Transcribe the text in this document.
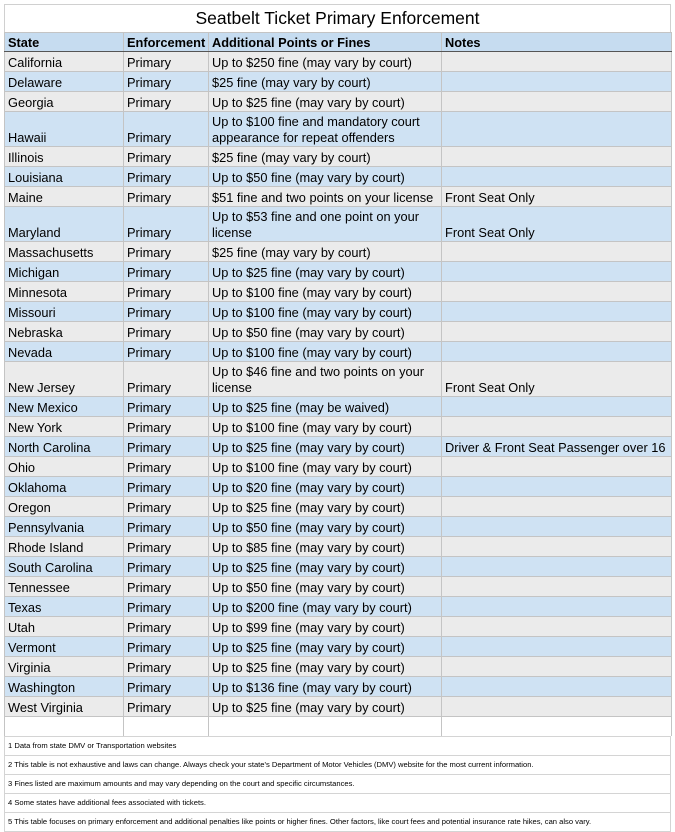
Seatbelt Ticket Primary Enforcement
State	Enforcement	Additional Points or Fines	Notes
California	Primary	Up to $250 fine (may vary by court)	
Delaware	Primary	$25 fine (may vary by court)	
Georgia	Primary	Up to $25 fine (may vary by court)	
Hawaii	Primary	Up to $100 fine and mandatory court appearance for repeat offenders	
Illinois	Primary	$25 fine (may vary by court)	
Louisiana	Primary	Up to $50 fine (may vary by court)	
Maine	Primary	$51 fine and two points on your license	Front Seat Only
Maryland	Primary	Up to $53 fine and one point on your license	Front Seat Only
Massachusetts	Primary	$25 fine (may vary by court)	
Michigan	Primary	Up to $25 fine (may vary by court)	
Minnesota	Primary	Up to $100 fine (may vary by court)	
Missouri	Primary	Up to $100 fine (may vary by court)	
Nebraska	Primary	Up to $50 fine (may vary by court)	
Nevada	Primary	Up to $100 fine (may vary by court)	
New Jersey	Primary	Up to $46 fine and two points on your license	Front Seat Only
New Mexico	Primary	Up to $25 fine (may be waived)	
New York	Primary	Up to $100 fine (may vary by court)	
North Carolina	Primary	Up to $25 fine (may vary by court)	Driver & Front Seat Passenger over 16
Ohio	Primary	Up to $100 fine (may vary by court)	
Oklahoma	Primary	Up to $20 fine (may vary by court)	
Oregon	Primary	Up to $25 fine (may vary by court)	
Pennsylvania	Primary	Up to $50 fine (may vary by court)	
Rhode Island	Primary	Up to $85 fine (may vary by court)	
South Carolina	Primary	Up to $25 fine (may vary by court)	
Tennessee	Primary	Up to $50 fine (may vary by court)	
Texas	Primary	Up to $200 fine (may vary by court)	
Utah	Primary	Up to $99 fine (may vary by court)	
Vermont	Primary	Up to $25 fine (may vary by court)	
Virginia	Primary	Up to $25 fine (may vary by court)	
Washington	Primary	Up to $136 fine (may vary by court)	
West Virginia	Primary	Up to $25 fine (may vary by court)	

1 Data from state DMV or Transportation websites
2 This table is not exhaustive and laws can change. Always check your state's Department of Motor Vehicles (DMV) website for the most current information.
3 Fines listed are maximum amounts and may vary depending on the court and specific circumstances.
4 Some states have additional fees associated with tickets.
5 This table focuses on primary enforcement and additional penalties like points or higher fines. Other factors, like court fees and potential insurance rate hikes, can also vary.
